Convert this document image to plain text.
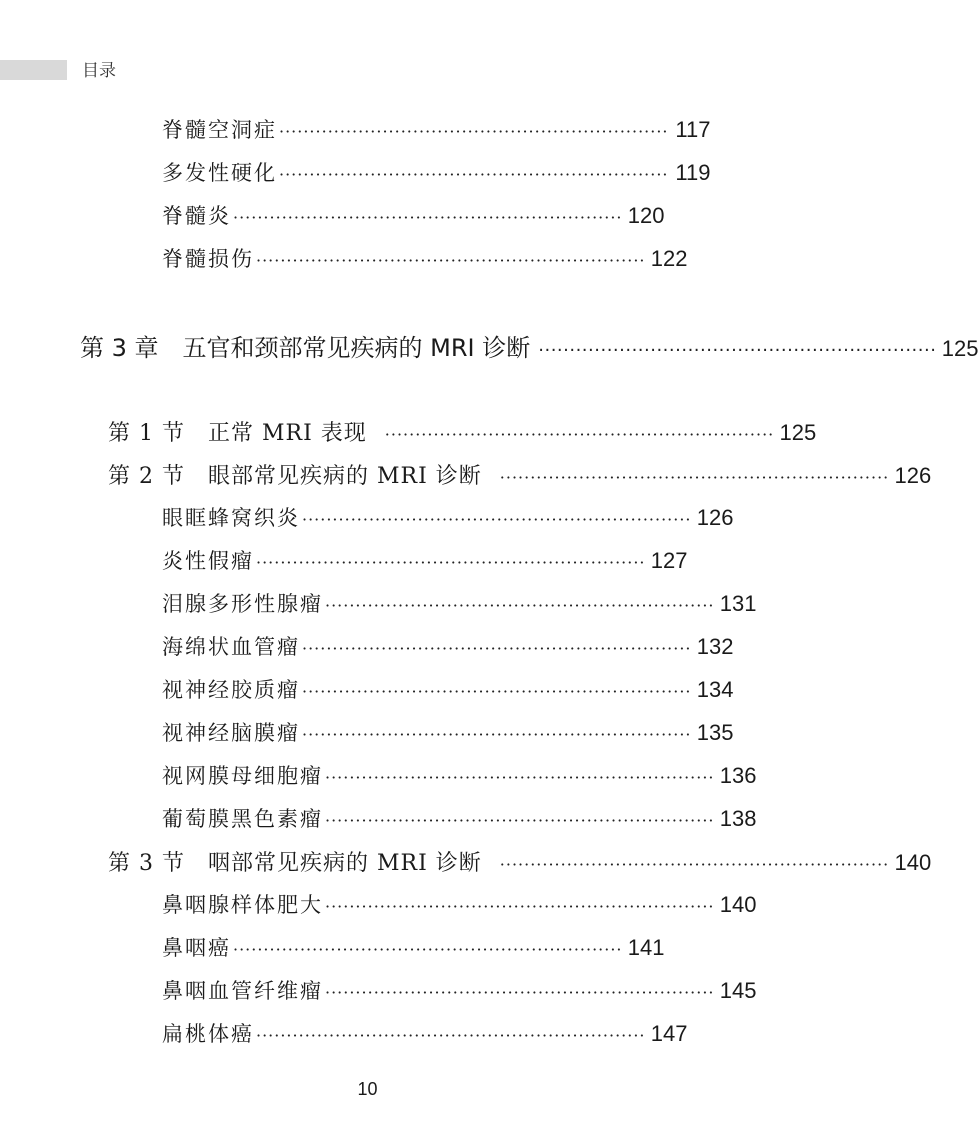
目录
脊髓空洞症 ································································ 117
多发性硬化 ································································ 119
脊髓炎 ································································ 120
脊髓损伤 ································································ 122
第 3 章　五官和颈部常见疾病的 MRI 诊断 ································································ 125
第 1 节　正常 MRI 表现 ································································ 125
第 2 节　眼部常见疾病的 MRI 诊断 ································································ 126
眼眶蜂窝织炎 ································································ 126
炎性假瘤 ································································ 127
泪腺多形性腺瘤 ································································ 131
海绵状血管瘤 ································································ 132
视神经胶质瘤 ································································ 134
视神经脑膜瘤 ································································ 135
视网膜母细胞瘤 ································································ 136
葡萄膜黑色素瘤 ································································ 138
第 3 节　咽部常见疾病的 MRI 诊断 ································································ 140
鼻咽腺样体肥大 ································································ 140
鼻咽癌 ································································ 141
鼻咽血管纤维瘤 ································································ 145
扁桃体癌 ································································ 147
10
